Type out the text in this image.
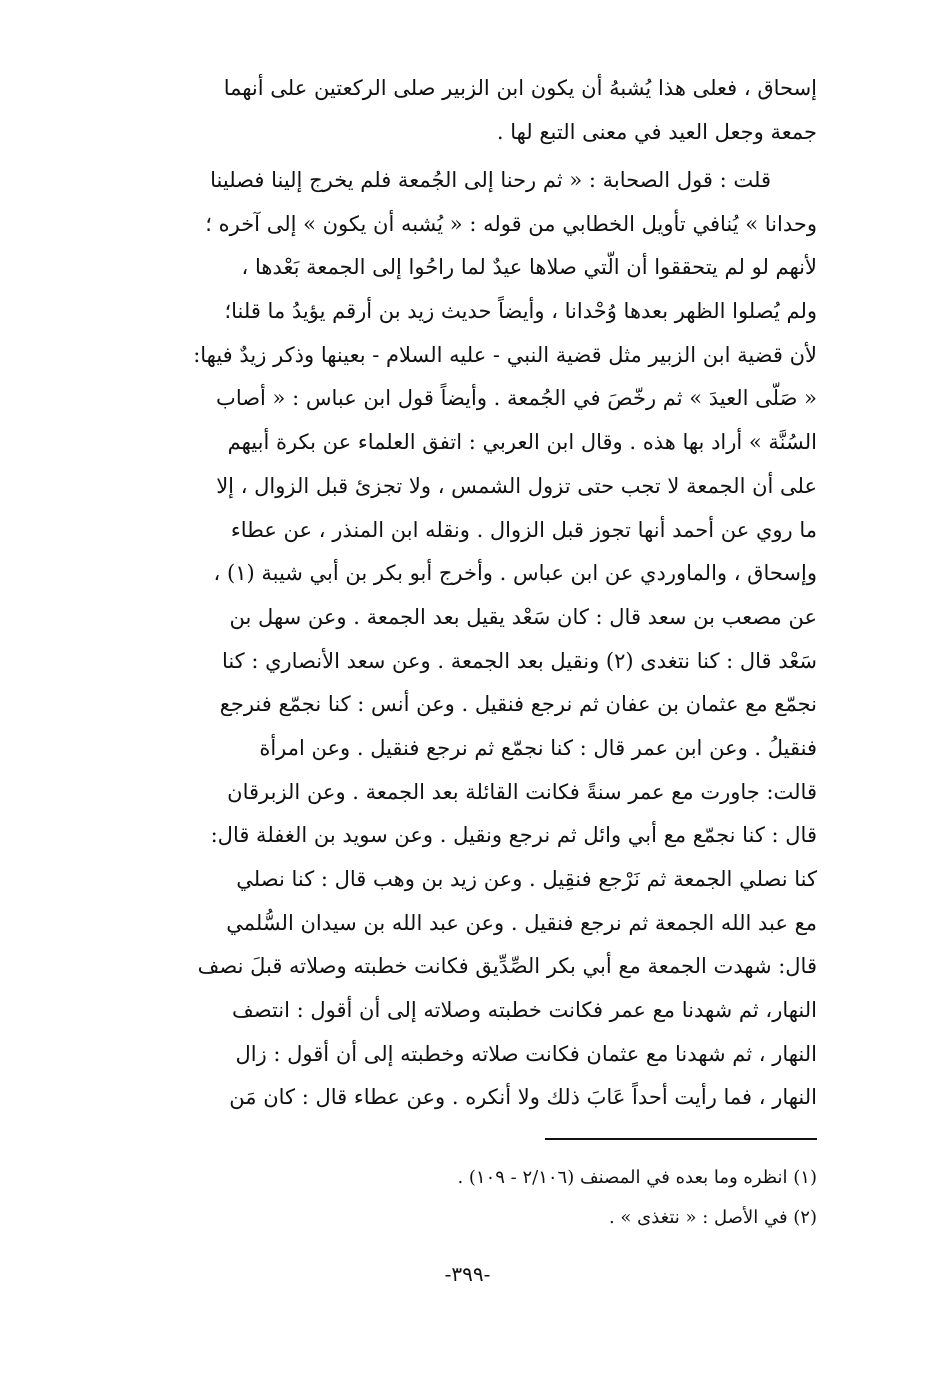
إسحاق ، فعلى هذا يُشبهُ أن يكون ابن الزبير صلى الركعتين على أنهما
جمعة وجعل العيد في معنى التبع لها .
قلت : قول الصحابة : « ثم رحنا إلى الجُمعة فلم يخرج إلينا فصلينا
وحدانا » يُنافي تأويل الخطابي من قوله : « يُشبه أن يكون » إلى آخره ؛
لأنهم لو لم يتحققوا أن الّتي صلاها عيدٌ لما راحُوا إلى الجمعة بَعْدها ،
ولم يُصلوا الظهر بعدها وُحْدانا ، وأيضاً حديث زيد بن أرقم يؤيدُ ما قلنا؛
لأن قضية ابن الزبير مثل قضية النبي - عليه السلام - بعينها وذكر زيدٌ فيها:
« صَلّى العيدَ » ثم رخّصَ في الجُمعة . وأيضاً قول ابن عباس : « أصاب
السُنَّة » أراد بها هذه . وقال ابن العربي : اتفق العلماء عن بكرة أبيهم
على أن الجمعة لا تجب حتى تزول الشمس ، ولا تجزئ قبل الزوال ، إلا
ما روي عن أحمد أنها تجوز قبل الزوال . ونقله ابن المنذر ، عن عطاء
وإسحاق ، والماوردي عن ابن عباس . وأخرج أبو بكر بن أبي شيبة (١) ،
عن مصعب بن سعد قال : كان سَعْد يقيل بعد الجمعة . وعن سهل بن
سَعْد قال : كنا نتغدى (٢) ونقيل بعد الجمعة . وعن سعد الأنصاري : كنا
نجمّع مع عثمان بن عفان ثم نرجع فنقيل . وعن أنس : كنا نجمّع فنرجع
فنقيلُ . وعن ابن عمر قال : كنا نجمّع ثم نرجع فنقيل . وعن امرأة
قالت: جاورت مع عمر سنةً فكانت القائلة بعد الجمعة . وعن الزبرقان
قال : كنا نجمّع مع أبي وائل ثم نرجع ونقيل . وعن سويد بن الغفلة قال:
كنا نصلي الجمعة ثم نَرْجع فنقِيل . وعن زيد بن وهب قال : كنا نصلي
مع عبد الله الجمعة ثم نرجع فنقيل . وعن عبد الله بن سيدان السُّلمي
قال: شهدت الجمعة مع أبي بكر الصِّدِّيق فكانت خطبته وصلاته قبلَ نصف
النهار، ثم شهدنا مع عمر فكانت خطبته وصلاته إلى أن أقول : انتصف
النهار ، ثم شهدنا مع عثمان فكانت صلاته وخطبته إلى أن أقول : زال
النهار ، فما رأيت أحداً عَابَ ذلك ولا أنكره . وعن عطاء قال : كان مَن
(١) انظره وما بعده في المصنف (٢/١٠٦ - ١٠٩) .
(٢) في الأصل : « نتغذى » .
-٣٩٩-
